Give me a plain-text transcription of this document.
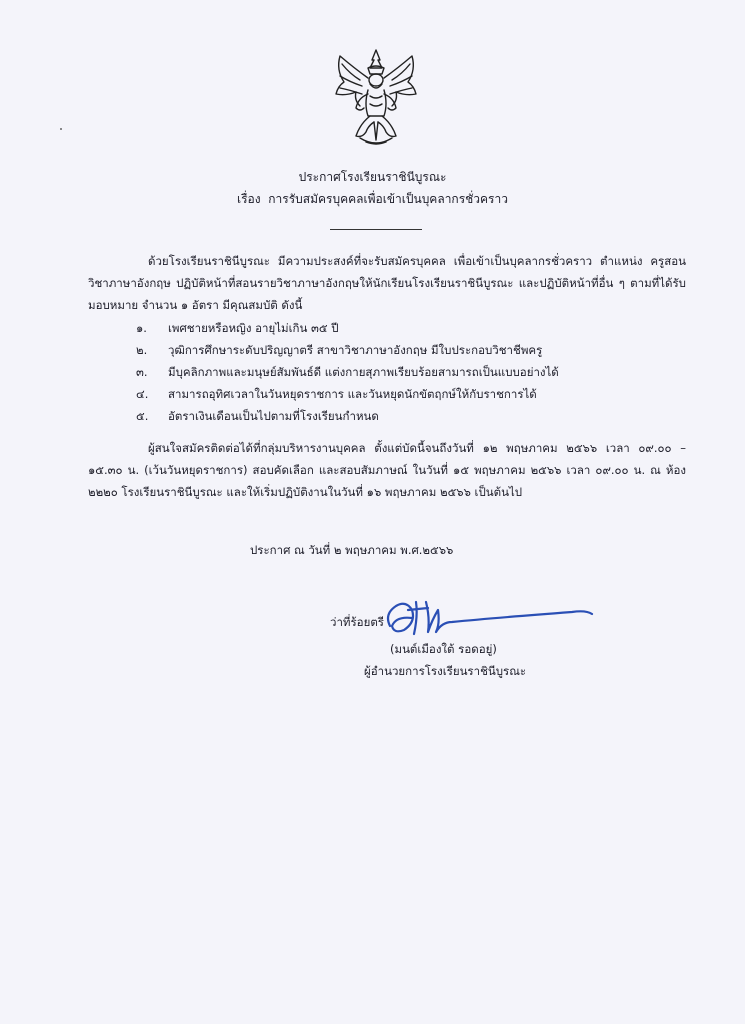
ประกาศโรงเรียนราชินีบูรณะ
เรื่อง การรับสมัครบุคคลเพื่อเข้าเป็นบุคลากรชั่วคราว
ด้วยโรงเรียนราชินีบูรณะ มีความประสงค์ที่จะรับสมัครบุคคล เพื่อเข้าเป็นบุคลากรชั่วคราว ตำแหน่ง ครูสอนวิชาภาษาอังกฤษ ปฏิบัติหน้าที่สอนรายวิชาภาษาอังกฤษให้นักเรียนโรงเรียนราชินีบูรณะ และปฏิบัติหน้าที่อื่น ๆ ตามที่ได้รับมอบหมาย จำนวน ๑ อัตรา มีคุณสมบัติ ดังนี้
๑. เพศชายหรือหญิง อายุไม่เกิน ๓๕ ปี
๒. วุฒิการศึกษาระดับปริญญาตรี สาขาวิชาภาษาอังกฤษ มีใบประกอบวิชาชีพครู
๓. มีบุคลิกภาพและมนุษย์สัมพันธ์ดี แต่งกายสุภาพเรียบร้อยสามารถเป็นแบบอย่างได้
๔. สามารถอุทิศเวลาในวันหยุดราชการ และวันหยุดนักขัตฤกษ์ให้กับราชการได้
๕. อัตราเงินเดือนเป็นไปตามที่โรงเรียนกำหนด
ผู้สนใจสมัครติดต่อได้ที่กลุ่มบริหารงานบุคคล ตั้งแต่บัดนี้จนถึงวันที่ ๑๒ พฤษภาคม ๒๕๖๖ เวลา ๐๙.๐๐ – ๑๕.๓๐ น. (เว้นวันหยุดราชการ) สอบคัดเลือก และสอบสัมภาษณ์ ในวันที่ ๑๕ พฤษภาคม ๒๕๖๖ เวลา ๐๙.๐๐ น. ณ ห้อง ๒๒๒๐ โรงเรียนราชินีบูรณะ และให้เริ่มปฏิบัติงานในวันที่ ๑๖ พฤษภาคม ๒๕๖๖ เป็นต้นไป
ประกาศ ณ วันที่ ๒ พฤษภาคม พ.ศ.๒๕๖๖
ว่าที่ร้อยตรี
(มนต์เมืองใต้ รอดอยู่)
ผู้อำนวยการโรงเรียนราชินีบูรณะ
